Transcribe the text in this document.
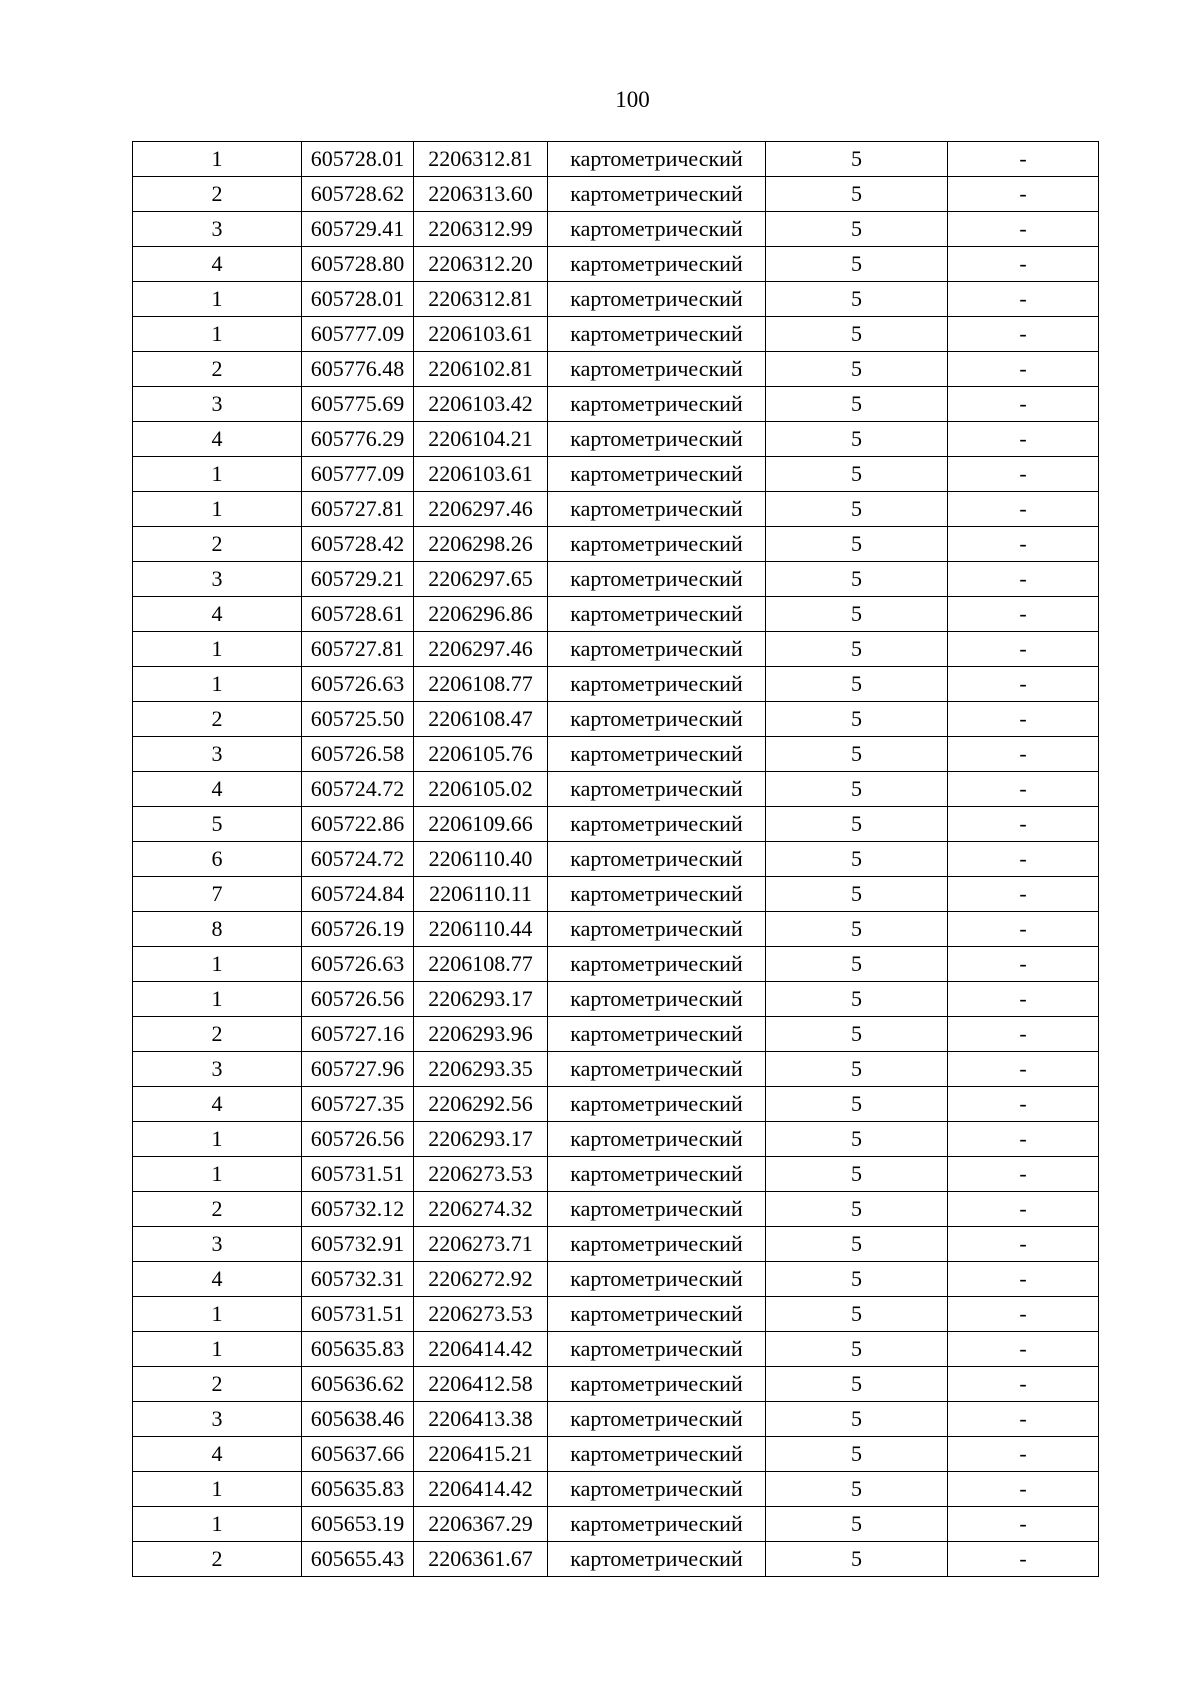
100
1	605728.01	2206312.81	картометрический	5	-
2	605728.62	2206313.60	картометрический	5	-
3	605729.41	2206312.99	картометрический	5	-
4	605728.80	2206312.20	картометрический	5	-
1	605728.01	2206312.81	картометрический	5	-
1	605777.09	2206103.61	картометрический	5	-
2	605776.48	2206102.81	картометрический	5	-
3	605775.69	2206103.42	картометрический	5	-
4	605776.29	2206104.21	картометрический	5	-
1	605777.09	2206103.61	картометрический	5	-
1	605727.81	2206297.46	картометрический	5	-
2	605728.42	2206298.26	картометрический	5	-
3	605729.21	2206297.65	картометрический	5	-
4	605728.61	2206296.86	картометрический	5	-
1	605727.81	2206297.46	картометрический	5	-
1	605726.63	2206108.77	картометрический	5	-
2	605725.50	2206108.47	картометрический	5	-
3	605726.58	2206105.76	картометрический	5	-
4	605724.72	2206105.02	картометрический	5	-
5	605722.86	2206109.66	картометрический	5	-
6	605724.72	2206110.40	картометрический	5	-
7	605724.84	2206110.11	картометрический	5	-
8	605726.19	2206110.44	картометрический	5	-
1	605726.63	2206108.77	картометрический	5	-
1	605726.56	2206293.17	картометрический	5	-
2	605727.16	2206293.96	картометрический	5	-
3	605727.96	2206293.35	картометрический	5	-
4	605727.35	2206292.56	картометрический	5	-
1	605726.56	2206293.17	картометрический	5	-
1	605731.51	2206273.53	картометрический	5	-
2	605732.12	2206274.32	картометрический	5	-
3	605732.91	2206273.71	картометрический	5	-
4	605732.31	2206272.92	картометрический	5	-
1	605731.51	2206273.53	картометрический	5	-
1	605635.83	2206414.42	картометрический	5	-
2	605636.62	2206412.58	картометрический	5	-
3	605638.46	2206413.38	картометрический	5	-
4	605637.66	2206415.21	картометрический	5	-
1	605635.83	2206414.42	картометрический	5	-
1	605653.19	2206367.29	картометрический	5	-
2	605655.43	2206361.67	картометрический	5	-
